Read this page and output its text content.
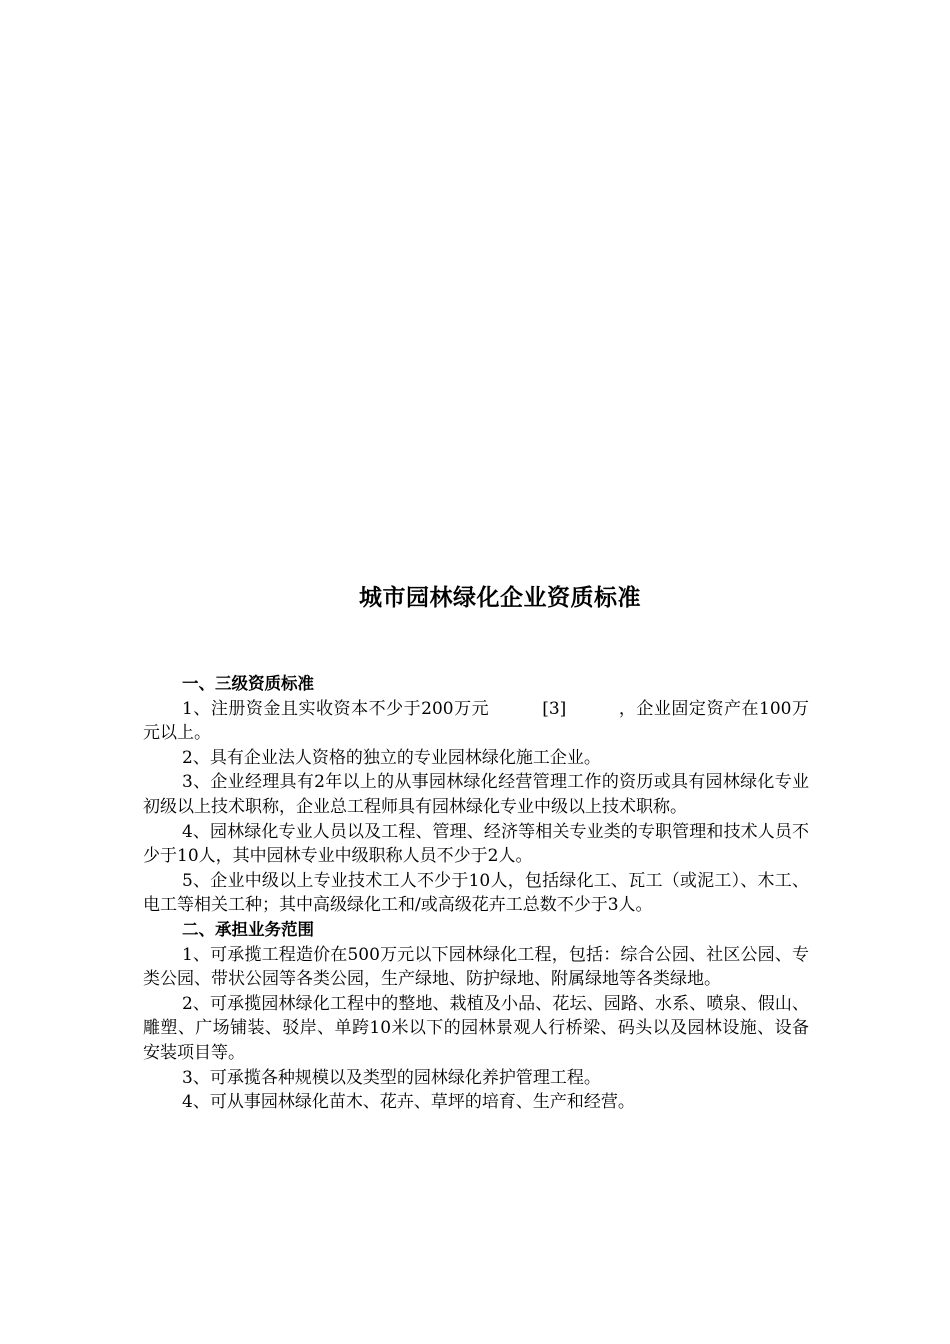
城市园林绿化企业资质标准
一、三级资质标准
1、注册资金且实收资本不少于200万元	[3]	，企业固定资产在100万元以上。
2、具有企业法人资格的独立的专业园林绿化施工企业。
3、企业经理具有2年以上的从事园林绿化经营管理工作的资历或具有园林绿化专业初级以上技术职称，企业总工程师具有园林绿化专业中级以上技术职称。
4、园林绿化专业人员以及工程、管理、经济等相关专业类的专职管理和技术人员不少于10人，其中园林专业中级职称人员不少于2人。
5、企业中级以上专业技术工人不少于10人，包括绿化工、瓦工（或泥工）、木工、电工等相关工种；其中高级绿化工和/或高级花卉工总数不少于3人。
二、承担业务范围
1、可承揽工程造价在500万元以下园林绿化工程，包括：综合公园、社区公园、专类公园、带状公园等各类公园，生产绿地、防护绿地、附属绿地等各类绿地。
2、可承揽园林绿化工程中的整地、栽植及小品、花坛、园路、水系、喷泉、假山、雕塑、广场铺装、驳岸、单跨10米以下的园林景观人行桥梁、码头以及园林设施、设备安装项目等。
3、可承揽各种规模以及类型的园林绿化养护管理工程。
4、可从事园林绿化苗木、花卉、草坪的培育、生产和经营。
